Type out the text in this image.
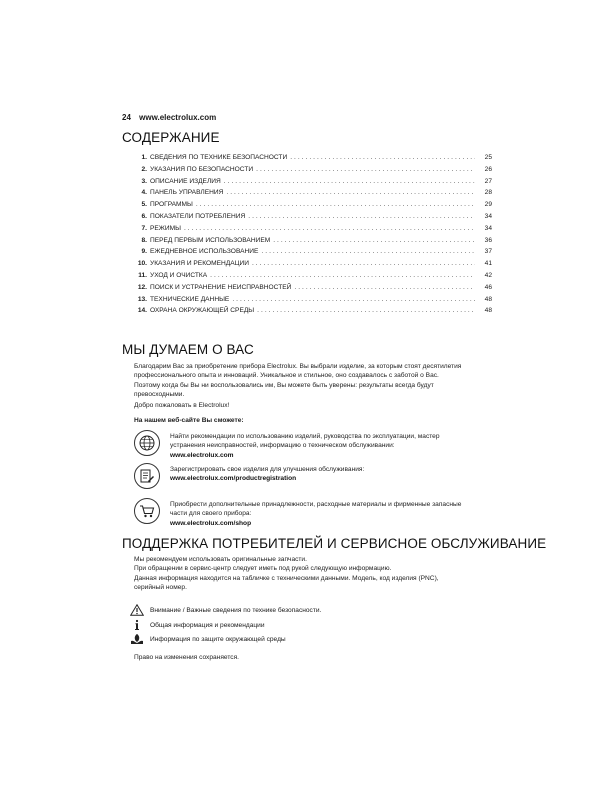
24 www.electrolux.com
СОДЕРЖАНИЕ
1. СВЕДЕНИЯ ПО ТЕХНИКЕ БЕЗОПАСНОСТИ .....	25
2. УКАЗАНИЯ ПО БЕЗОПАСНОСТИ .....	26
3. ОПИСАНИЕ ИЗДЕЛИЯ .....	27
4. ПАНЕЛЬ УПРАВЛЕНИЯ .....	28
5. ПРОГРАММЫ .....	29
6. ПОКАЗАТЕЛИ ПОТРЕБЛЕНИЯ .....	34
7. РЕЖИМЫ .....	34
8. ПЕРЕД ПЕРВЫМ ИСПОЛЬЗОВАНИЕМ .....	36
9. ЕЖЕДНЕВНОЕ ИСПОЛЬЗОВАНИЕ .....	37
10. УКАЗАНИЯ И РЕКОМЕНДАЦИИ .....	41
11. УХОД И ОЧИСТКА .....	42
12. ПОИСК И УСТРАНЕНИЕ НЕИСПРАВНОСТЕЙ .....	46
13. ТЕХНИЧЕСКИЕ ДАННЫЕ .....	48
14. ОХРАНА ОКРУЖАЮЩЕЙ СРЕДЫ .....	48
МЫ ДУМАЕМ О ВАС
Благодарим Вас за приобретение прибора Electrolux. Вы выбрали изделие, за которым стоят десятилетия
профессионального опыта и инноваций. Уникальное и стильное, оно создавалось с заботой о Вас.
Поэтому когда бы Вы ни воспользовались им, Вы можете быть уверены: результаты всегда будут
превосходными.
Добро пожаловать в Electrolux!
На нашем веб-сайте Вы сможете:
Найти рекомендации по использованию изделий, руководства по эксплуатации, мастер
устранения неисправностей, информацию о техническом обслуживании:
www.electrolux.com
Зарегистрировать свое изделия для улучшения обслуживания:
www.electrolux.com/productregistration
Приобрести дополнительные принадлежности, расходные материалы и фирменные запасные
части для своего прибора:
www.electrolux.com/shop
ПОДДЕРЖКА ПОТРЕБИТЕЛЕЙ И СЕРВИСНОЕ ОБСЛУЖИВАНИЕ
Мы рекомендуем использовать оригинальные запчасти.
При обращении в сервис-центр следует иметь под рукой следующую информацию.
Данная информация находится на табличке с техническими данными. Модель, код изделия (PNC),
серийный номер.
Внимание / Важные сведения по технике безопасности.
Общая информация и рекомендации
Информация по защите окружающей среды
Право на изменения сохраняется.
